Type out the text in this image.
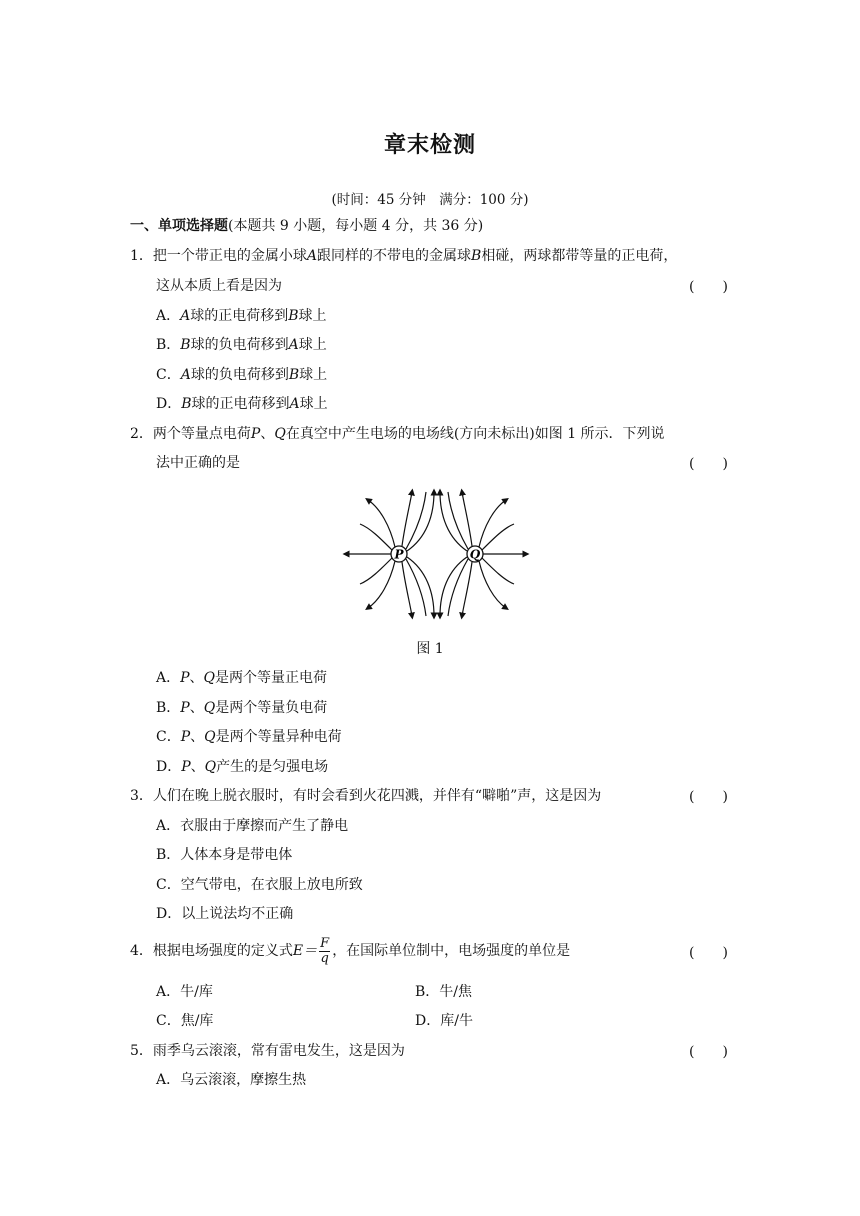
章末检测
(时间：45 分钟　满分：100 分)
一、单项选择题(本题共 9 小题，每小题 4 分，共 36 分)
1．把一个带正电的金属小球A跟同样的不带电的金属球B相碰，两球都带等量的正电荷，
这从本质上看是因为	(　　)
A．A球的正电荷移到B球上
B．B球的负电荷移到A球上
C．A球的负电荷移到B球上
D．B球的正电荷移到A球上
2．两个等量点电荷P、Q在真空中产生电场的电场线(方向未标出)如图 1 所示．下列说
法中正确的是	(　　)
P	Q
图 1
A．P、Q是两个等量正电荷
B．P、Q是两个等量负电荷
C．P、Q是两个等量异种电荷
D．P、Q产生的是匀强电场
3．人们在晚上脱衣服时，有时会看到火花四溅，并伴有“噼啪”声，这是因为	(　　)
A．衣服由于摩擦而产生了静电
B．人体本身是带电体
C．空气带电，在衣服上放电所致
D．以上说法均不正确
4．根据电场强度的定义式$E= \frac{F}{q}$ ，在国际单位制中，电场强度的单位是	(　　)
A．牛/库	B．牛/焦
C．焦/库	D．库/牛
5．雨季乌云滚滚，常有雷电发生，这是因为	(　　)
A．乌云滚滚，摩擦生热
